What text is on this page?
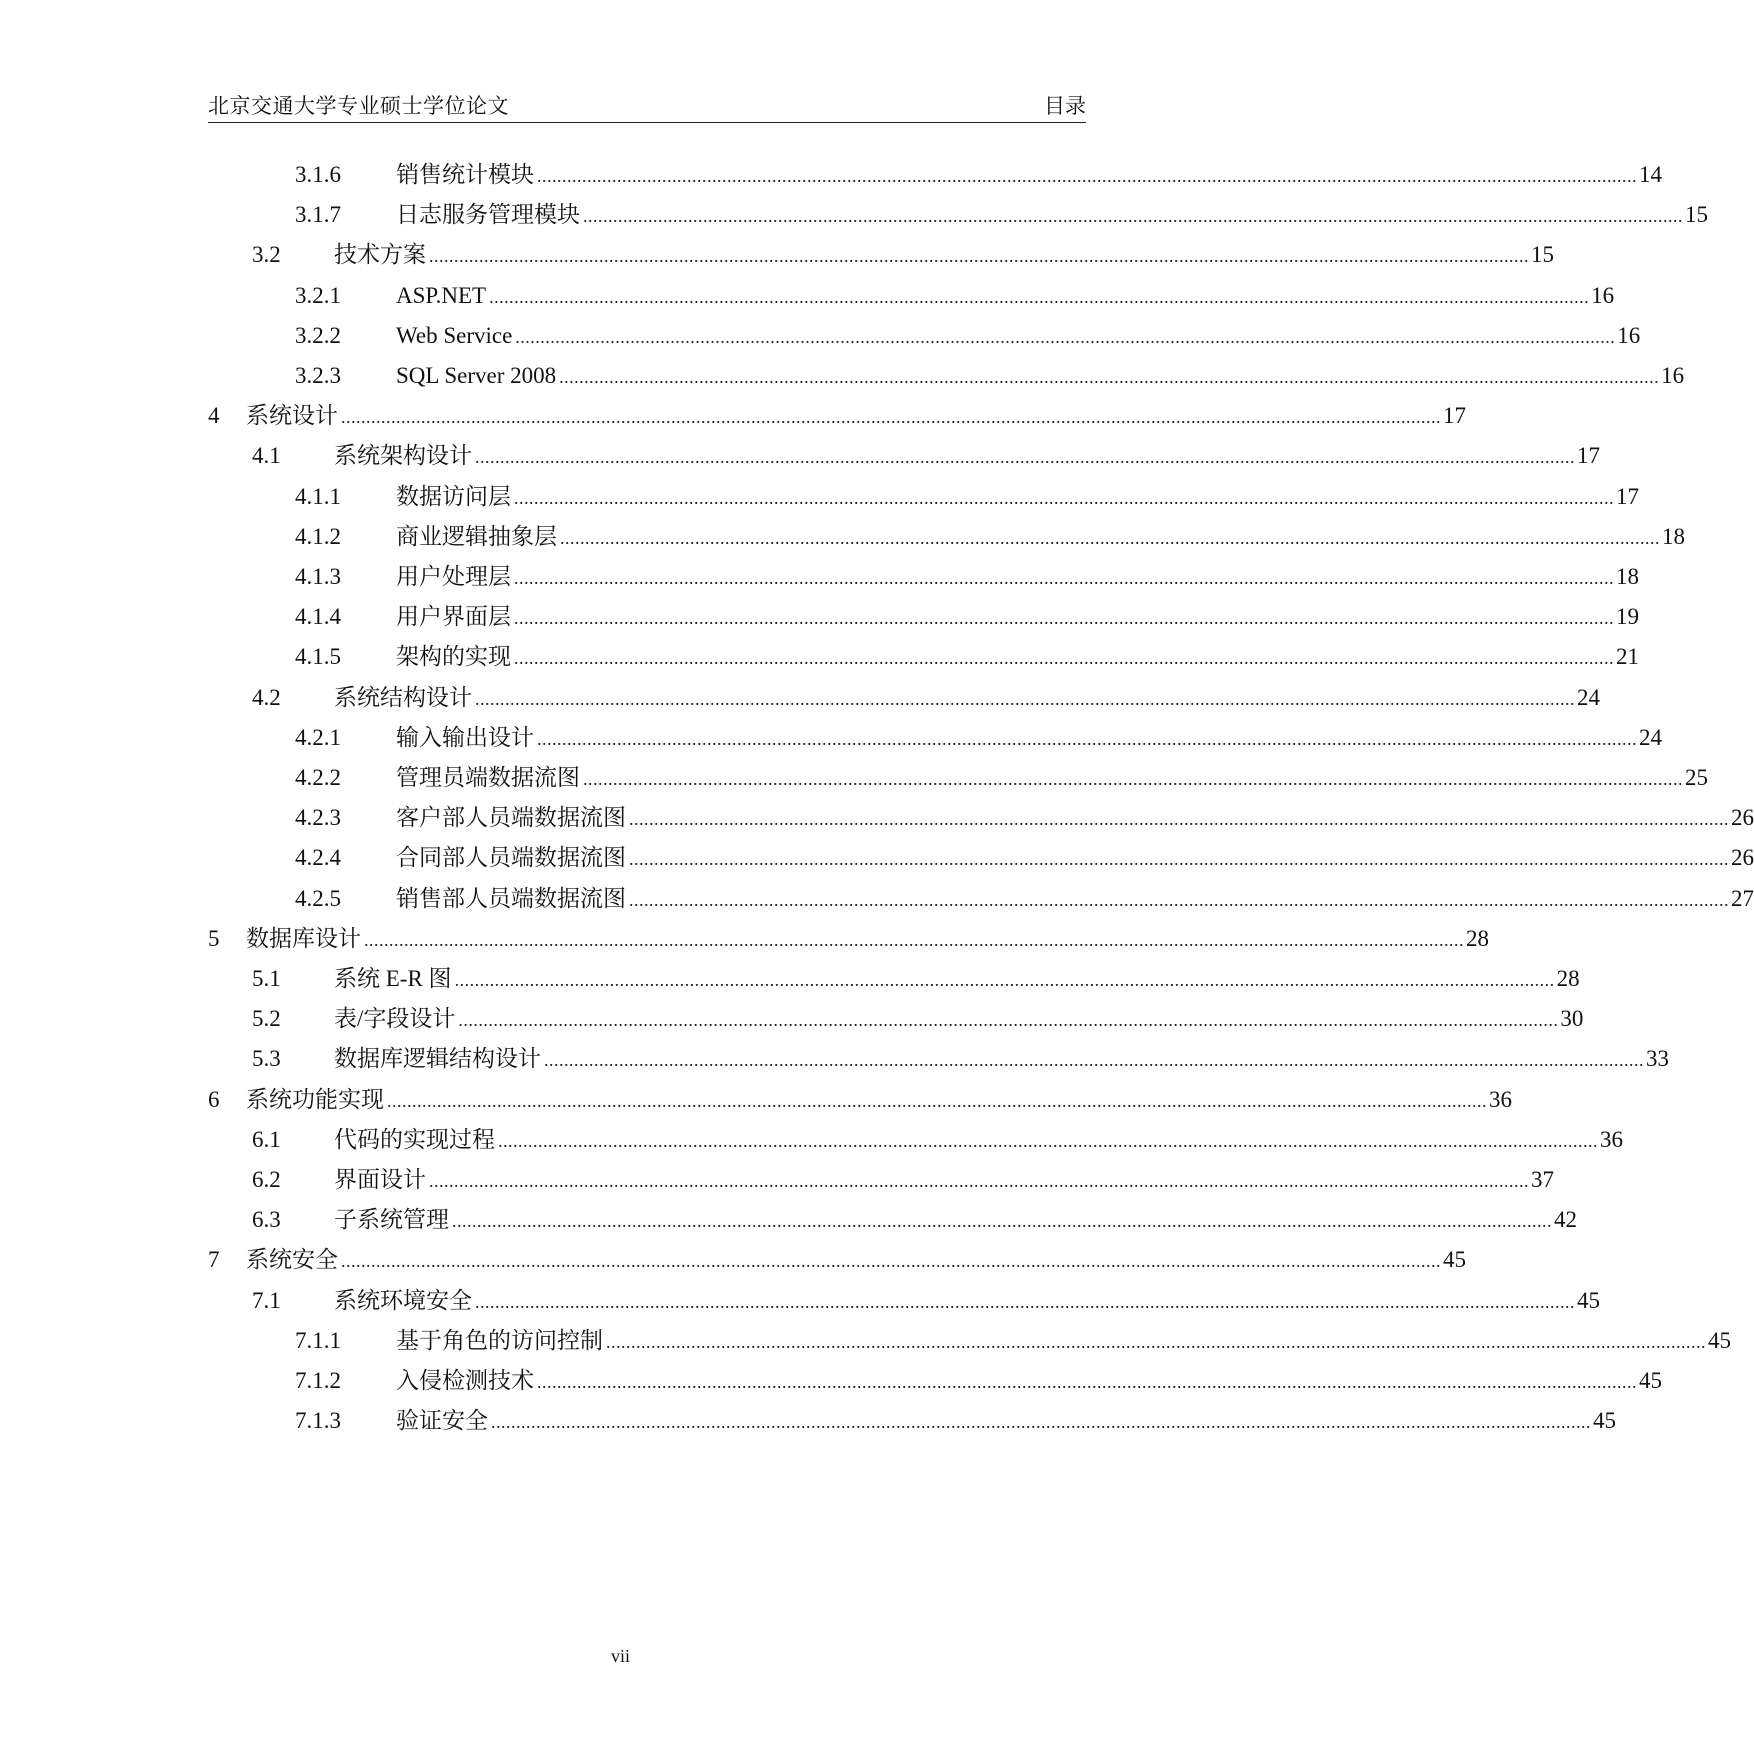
北京交通大学专业硕士学位论文	目录
3.1.6 销售统计模块 ............................................................................................................................................................................................................................ 14
3.1.7 日志服务管理模块 ............................................................................................................................................................................................................................ 15
3.2 技术方案 ............................................................................................................................................................................................................................ 15
3.2.1 ASP.NET ............................................................................................................................................................................................................................ 16
3.2.2 Web Service ............................................................................................................................................................................................................................ 16
3.2.3 SQL Server 2008 ............................................................................................................................................................................................................................ 16
4 系统设计 ............................................................................................................................................................................................................................ 17
4.1 系统架构设计 ............................................................................................................................................................................................................................ 17
4.1.1 数据访问层 ............................................................................................................................................................................................................................ 17
4.1.2 商业逻辑抽象层 ............................................................................................................................................................................................................................ 18
4.1.3 用户处理层 ............................................................................................................................................................................................................................ 18
4.1.4 用户界面层 ............................................................................................................................................................................................................................ 19
4.1.5 架构的实现 ............................................................................................................................................................................................................................ 21
4.2 系统结构设计 ............................................................................................................................................................................................................................ 24
4.2.1 输入输出设计 ............................................................................................................................................................................................................................ 24
4.2.2 管理员端数据流图 ............................................................................................................................................................................................................................ 25
4.2.3 客户部人员端数据流图 ............................................................................................................................................................................................................................ 26
4.2.4 合同部人员端数据流图 ............................................................................................................................................................................................................................ 26
4.2.5 销售部人员端数据流图 ............................................................................................................................................................................................................................ 27
5 数据库设计 ............................................................................................................................................................................................................................ 28
5.1 系统 E-R 图 ............................................................................................................................................................................................................................ 28
5.2 表/字段设计 ............................................................................................................................................................................................................................ 30
5.3 数据库逻辑结构设计 ............................................................................................................................................................................................................................ 33
6 系统功能实现 ............................................................................................................................................................................................................................ 36
6.1 代码的实现过程 ............................................................................................................................................................................................................................ 36
6.2 界面设计 ............................................................................................................................................................................................................................ 37
6.3 子系统管理 ............................................................................................................................................................................................................................ 42
7 系统安全 ............................................................................................................................................................................................................................ 45
7.1 系统环境安全 ............................................................................................................................................................................................................................ 45
7.1.1 基于角色的访问控制 ............................................................................................................................................................................................................................ 45
7.1.2 入侵检测技术 ............................................................................................................................................................................................................................ 45
7.1.3 验证安全 ............................................................................................................................................................................................................................ 45
vii
